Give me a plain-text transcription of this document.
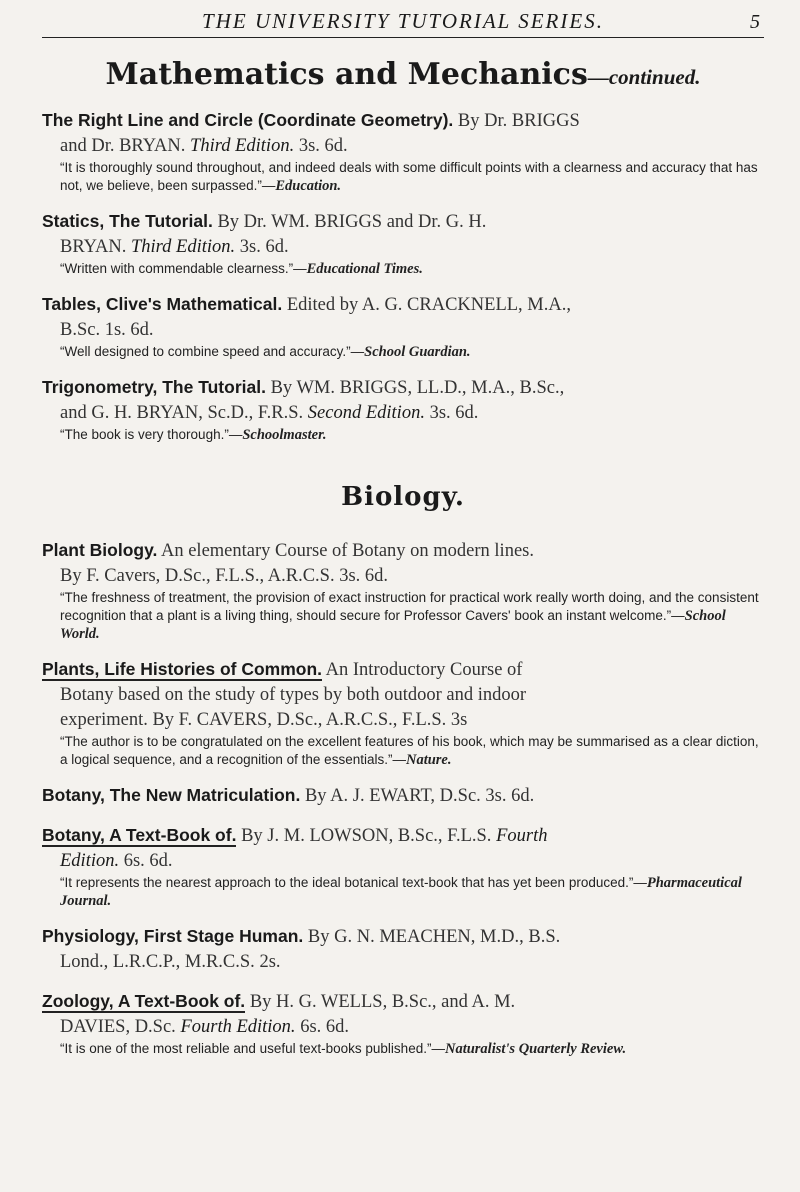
THE UNIVERSITY TUTORIAL SERIES.	5
Mathematics and Mechanics—continued.
The Right Line and Circle (Coordinate Geometry). By Dr. BRIGGS
and Dr. BRYAN. Third Edition. 3s. 6d.
“It is thoroughly sound throughout, and indeed deals with some difficult points with a clearness and accuracy that has not, we believe, been surpassed.”—Education.
Statics, The Tutorial. By Dr. WM. BRIGGS and Dr. G. H.
BRYAN. Third Edition. 3s. 6d.
“Written with commendable clearness.”—Educational Times.
Tables, Clive's Mathematical. Edited by A. G. CRACKNELL, M.A.,
B.Sc. 1s. 6d.
“Well designed to combine speed and accuracy.”—School Guardian.
Trigonometry, The Tutorial. By WM. BRIGGS, LL.D., M.A., B.Sc.,
and G. H. BRYAN, Sc.D., F.R.S. Second Edition. 3s. 6d.
“The book is very thorough.”—Schoolmaster.
Biology.
Plant Biology. An elementary Course of Botany on modern lines.
By F. Cavers, D.Sc., F.L.S., A.R.C.S. 3s. 6d.
“The freshness of treatment, the provision of exact instruction for practical work really worth doing, and the consistent recognition that a plant is a living thing, should secure for Professor Cavers' book an instant welcome.”—School World.
Plants, Life Histories of Common. An Introductory Course of
Botany based on the study of types by both outdoor and indoor
experiment. By F. CAVERS, D.Sc., A.R.C.S., F.L.S. 3s
“The author is to be congratulated on the excellent features of his book, which may be summarised as a clear diction, a logical sequence, and a recognition of the essentials.”—Nature.
Botany, The New Matriculation. By A. J. EWART, D.Sc. 3s. 6d.
Botany, A Text-Book of. By J. M. LOWSON, B.Sc., F.L.S. Fourth
Edition. 6s. 6d.
“It represents the nearest approach to the ideal botanical text-book that has yet been produced.”—Pharmaceutical Journal.
Physiology, First Stage Human. By G. N. MEACHEN, M.D., B.S.
Lond., L.R.C.P., M.R.C.S. 2s.
Zoology, A Text-Book of. By H. G. WELLS, B.Sc., and A. M.
DAVIES, D.Sc. Fourth Edition. 6s. 6d.
“It is one of the most reliable and useful text-books published.”—Naturalist's Quarterly Review.
